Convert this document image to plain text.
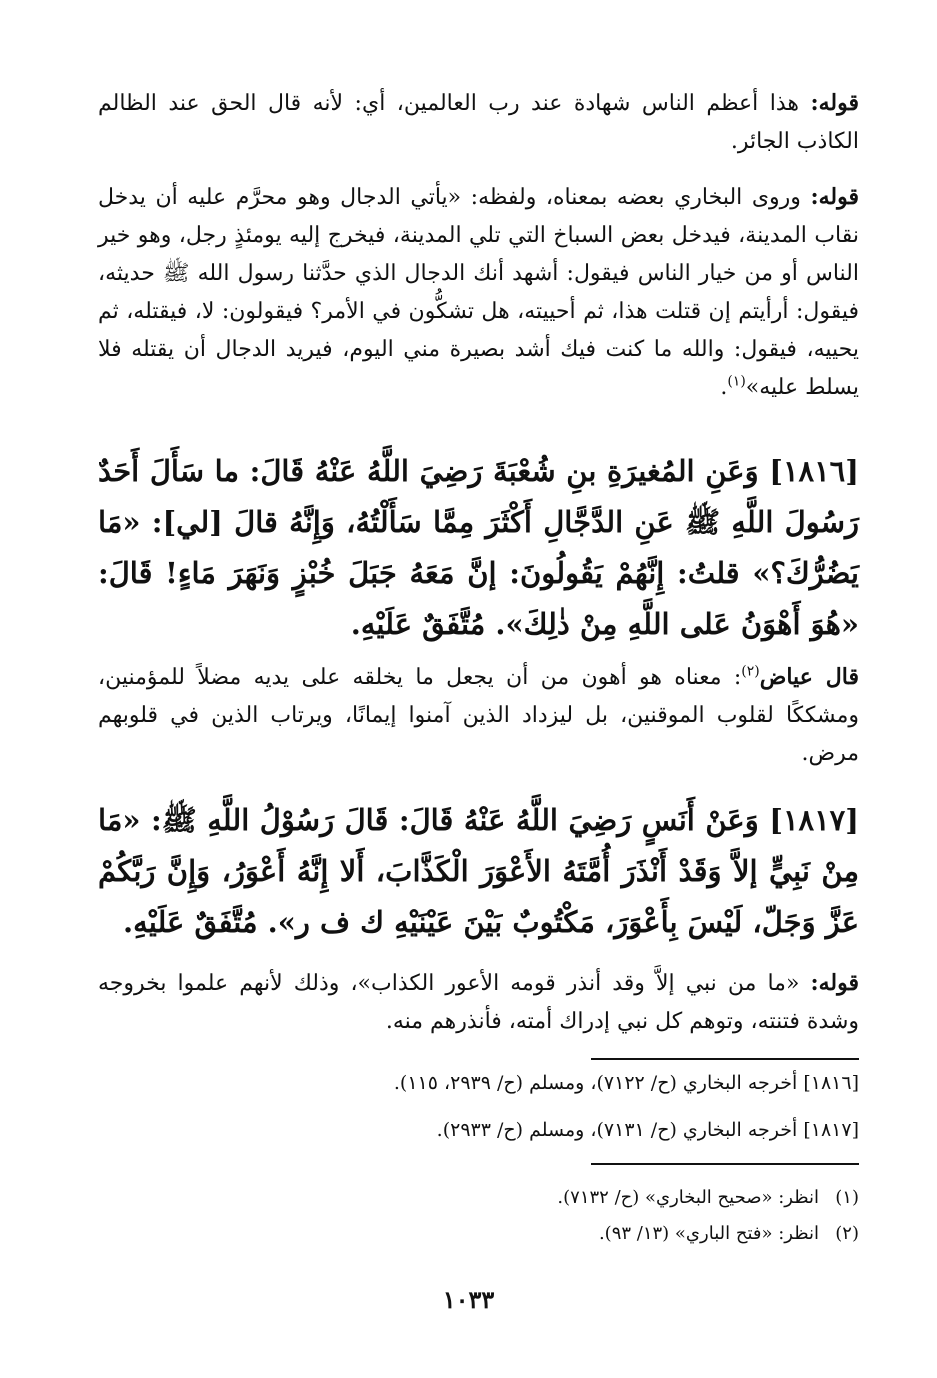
قوله: هذا أعظم الناس شهادة عند رب العالمين، أي: لأنه قال الحق عند الظالم الكاذب الجائر.

قوله: وروى البخاري بعضه بمعناه، ولفظه: «يأتي الدجال وهو محرَّم عليه أن يدخل نقاب المدينة، فيدخل بعض السباخ التي تلي المدينة، فيخرج إليه يومئذٍ رجل، وهو خير الناس أو من خيار الناس فيقول: أشهد أنك الدجال الذي حدَّثنا رسول الله ﷺ حديثه، فيقول: أرأيتم إن قتلت هذا، ثم أحييته، هل تشكُّون في الأمر؟ فيقولون: لا، فيقتله، ثم يحييه، فيقول: والله ما كنت فيك أشد بصيرة مني اليوم، فيريد الدجال أن يقتله فلا يسلط عليه»$^{(١)}$.

[١٨١٦] وَعَنِ المُغيرَةِ بنِ شُعْبَةَ رَضِيَ اللَّهُ عَنْهُ قَالَ: ما سَأَلَ أَحَدٌ رَسُولَ اللَّهِ ﷺ عَنِ الدَّجَّالِ أَكْثَرَ مِمَّا سَأَلْتُهُ، وَإِنَّهُ قالَ [لي]: «مَا يَضُرُّكَ؟» قلتُ: إِنَّهُمْ يَقُولُونَ: إنَّ مَعَهُ جَبَلَ خُبْزٍ وَنَهَرَ مَاءٍ! قَالَ: «هُوَ أَهْوَنُ عَلى اللَّهِ مِنْ ذٰلِكَ». مُتَّفَقٌ عَلَيْهِ.

قال عياض$^{(٢)}$: معناه هو أهون من أن يجعل ما يخلقه على يديه مضلاً للمؤمنين، ومشككًا لقلوب الموقنين، بل ليزداد الذين آمنوا إيمانًا، ويرتاب الذين في قلوبهم مرض.

[١٨١٧] وَعَنْ أَنَسٍ رَضِيَ اللَّهُ عَنْهُ قَالَ: قَالَ رَسُوْلُ اللَّهِ ﷺ: «مَا مِنْ نَبِيٍّ إلاَّ وَقَدْ أَنْذَرَ أُمَّتَهُ الأَعْوَرَ الْكَذَّابَ، أَلا إِنَّهُ أَعْوَرُ، وَإِنَّ رَبَّكُمْ عَزَّ وَجَلّ، لَيْسَ بِأَعْوَرَ، مَكْتُوبٌ بَيْنَ عَيْنَيْهِ ك ف ر». مُتَّفَقٌ عَلَيْهِ.

قوله: «ما من نبي إلاَّ وقد أنذر قومه الأعور الكذاب»، وذلك لأنهم علموا بخروجه وشدة فتنته، وتوهم كل نبي إدراك أمته، فأنذرهم منه.

[١٨١٦] أخرجه البخاري (ح/ ٧١٢٢)، ومسلم (ح/ ٢٩٣٩، ١١٥).

[١٨١٧] أخرجه البخاري (ح/ ٧١٣١)، ومسلم (ح/ ٢٩٣٣).

(١)انظر: «صحيح البخاري» (ح/ ٧١٣٢).

(٢)انظر: «فتح الباري» (١٣/ ٩٣).

١٠٣٣
